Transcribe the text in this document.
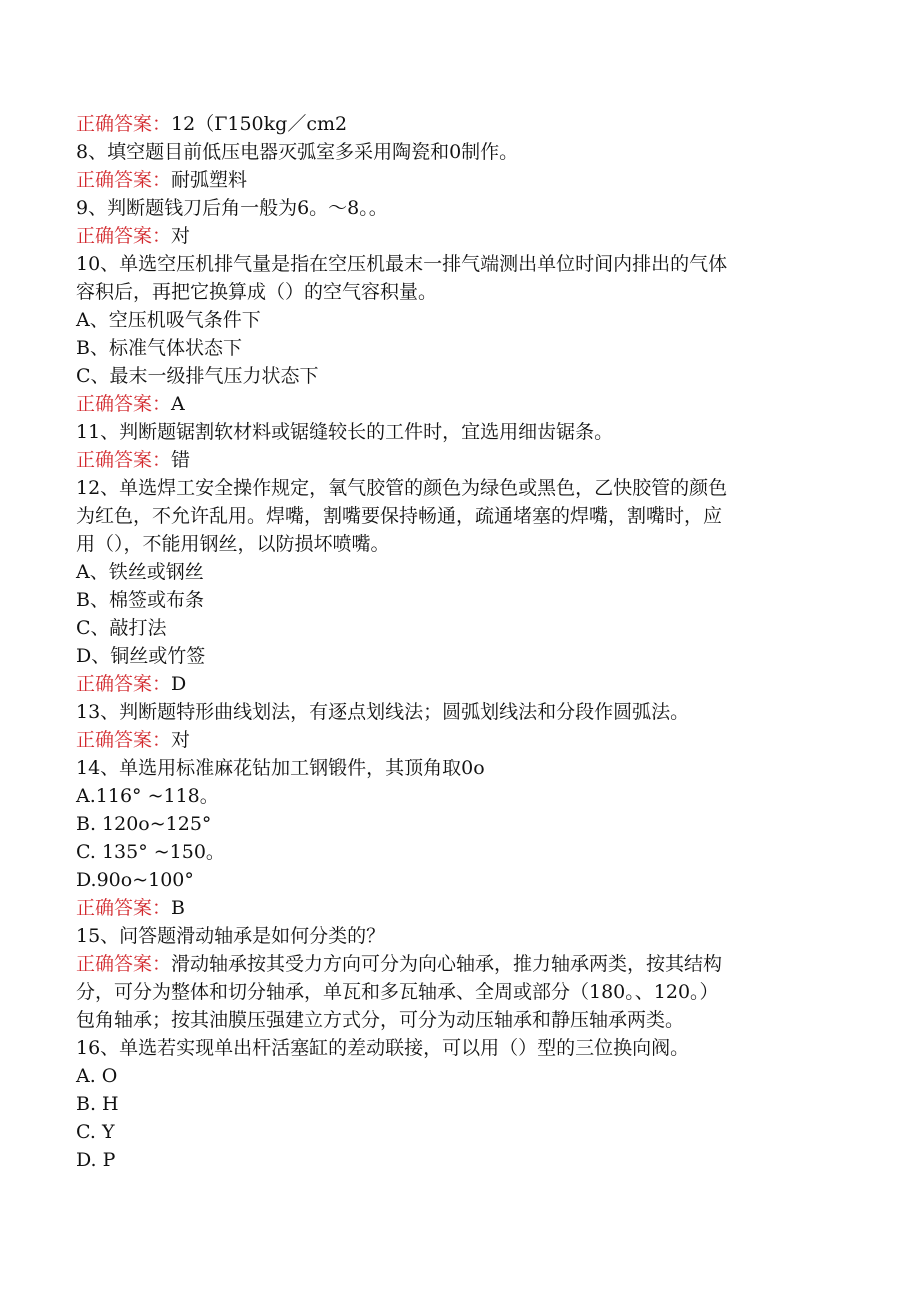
正确答案：12（Γ150kg／cm2
8、填空题目前低压电器灭弧室多采用陶瓷和0制作。
正确答案：耐弧塑料
9、判断题钱刀后角一般为6。～8。。
正确答案：对
10、单选空压机排气量是指在空压机最末一排气端测出单位时间内排出的气体
容积后，再把它换算成（）的空气容积量。
A、空压机吸气条件下
B、标准气体状态下
C、最末一级排气压力状态下
正确答案：A
11、判断题锯割软材料或锯缝较长的工件时，宜选用细齿锯条。
正确答案：错
12、单选焊工安全操作规定，氧气胶管的颜色为绿色或黑色，乙快胶管的颜色
为红色，不允许乱用。焊嘴，割嘴要保持畅通，疏通堵塞的焊嘴，割嘴时，应
用（），不能用钢丝，以防损坏喷嘴。
A、铁丝或钢丝
B、棉签或布条
C、敲打法
D、铜丝或竹签
正确答案：D
13、判断题特形曲线划法，有逐点划线法；圆弧划线法和分段作圆弧法。
正确答案：对
14、单选用标准麻花钻加工钢锻件，其顶角取0o
A.116° ~118。
B. 120o~125°
C. 135° ~150。
D.90o~100°
正确答案：B
15、问答题滑动轴承是如何分类的？
正确答案：滑动轴承按其受力方向可分为向心轴承，推力轴承两类，按其结构
分，可分为整体和切分轴承，单瓦和多瓦轴承、全周或部分（180。、120。）
包角轴承；按其油膜压强建立方式分，可分为动压轴承和静压轴承两类。
16、单选若实现单出杆活塞缸的差动联接，可以用（）型的三位换向阀。
A. O
B. H
C. Y
D. P
